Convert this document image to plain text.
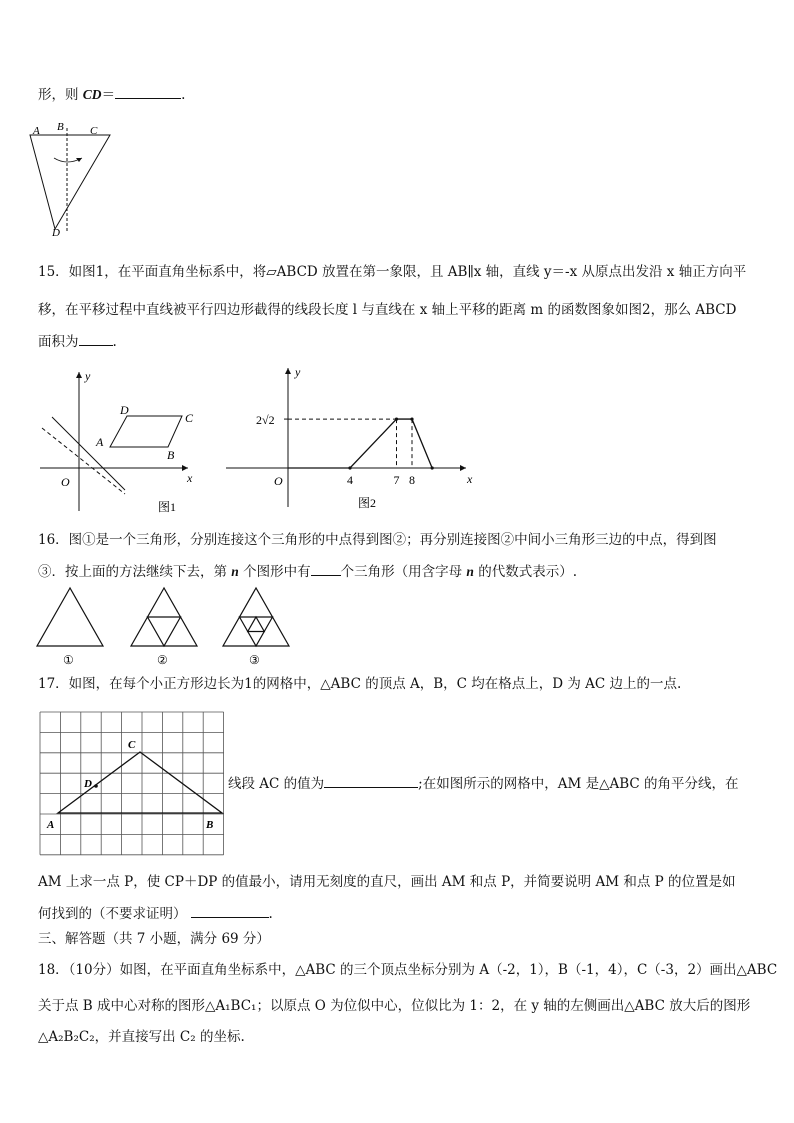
形，则 CD＝	.
A B C
D
15．如图1，在平面直角坐标系中，将▱ABCD 放置在第一象限，且 AB∥x 轴，直线 y＝-x 从原点出发沿 x 轴正方向平
移，在平移过程中直线被平行四边形截得的线段长度 l 与直线在 x 轴上平移的距离 m 的函数图象如图2，那么 ABCD
面积为	.
y
x
O
A
B
C
D
图1
4	7 8
y
x
O
2√2
图2
16．图①是一个三角形，分别连接这个三角形的中点得到图②；再分别连接图②中间小三角形三边的中点，得到图
③．按上面的方法继续下去，第 n 个图形中有 个三角形（用含字母 n 的代数式表示）.
①	②	③
17．如图，在每个小正方形边长为1的网格中，△ABC 的顶点 A，B，C 均在格点上，D 为 AC 边上的一点.
A	B
C
D	线段 AC 的值为	;在如图所示的网格中，AM 是△ABC 的角平分线，在
AM 上求一点 P，使 CP＋DP 的值最小，请用无刻度的直尺，画出 AM 和点 P，并简要说明 AM 和点 P 的位置是如
何找到的（不要求证明）	.
三、解答题（共 7 小题，满分 69 分）
18．（10分）如图，在平面直角坐标系中，△ABC 的三个顶点坐标分别为 A（-2，1），B（-1，4），C（-3，2）画出△ABC
关于点 B 成中心对称的图形△A₁BC₁；以原点 O 为位似中心，位似比为 1：2，在 y 轴的左侧画出△ABC 放大后的图形
△A₂B₂C₂，并直接写出 C₂ 的坐标.
